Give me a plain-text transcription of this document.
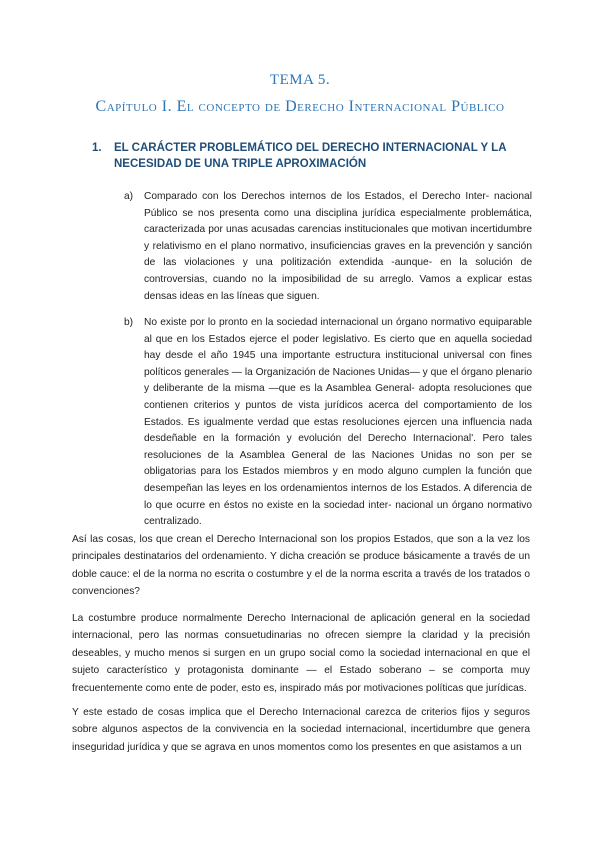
TEMA 5.
Capítulo I. El concepto de Derecho Internacional Público
1. EL CARÁCTER PROBLEMÁTICO DEL DERECHO INTERNACIONAL Y LA NECESIDAD DE UNA TRIPLE APROXIMACIÓN
a) Comparado con los Derechos internos de los Estados, el Derecho Inter- nacional Público se nos presenta como una disciplina jurídica especialmente problemática, caracterizada por unas acusadas carencias institucionales que motivan incertidumbre y relativismo en el plano normativo, insuficiencias graves en la prevención y sanción de las violaciones y una politización extendida -aunque- en la solución de controversias, cuando no la imposibilidad de su arreglo. Vamos a explicar estas densas ideas en las líneas que siguen.
b) No existe por lo pronto en la sociedad internacional un órgano normativo equiparable al que en los Estados ejerce el poder legislativo. Es cierto que en aquella sociedad hay desde el año 1945 una importante estructura institucional universal con fines políticos generales — la Organización de Naciones Unidas— y que el órgano plenario y deliberante de la misma —que es la Asamblea General- adopta resoluciones que contienen criterios y puntos de vista jurídicos acerca del comportamiento de los Estados. Es igualmente verdad que estas resoluciones ejercen una influencia nada desdeñable en la formación y evolución del Derecho Internacional'. Pero tales resoluciones de la Asamblea General de las Naciones Unidas no son per se obligatorias para los Estados miembros y en modo alguno cumplen la función que desempeñan las leyes en los ordenamientos internos de los Estados. A diferencia de lo que ocurre en éstos no existe en la sociedad inter- nacional un órgano normativo centralizado.

Así las cosas, los que crean el Derecho Internacional son los propios Estados, que son a la vez los principales destinatarios del ordenamiento. Y dicha creación se produce básicamente a través de un doble cauce: el de la norma no escrita o costumbre y el de la norma escrita a través de los tratados o convenciones?

La costumbre produce normalmente Derecho Internacional de aplicación general en la sociedad internacional, pero las normas consuetudinarias no ofrecen siempre la claridad y la precisión deseables, y mucho menos si surgen en un grupo social como la sociedad internacional en que el sujeto característico y protagonista dominante — el Estado soberano – se comporta muy frecuentemente como ente de poder, esto es, inspirado más por motivaciones políticas que jurídicas.

Y este estado de cosas implica que el Derecho Internacional carezca de criterios fijos y seguros sobre algunos aspectos de la convivencia en la sociedad internacional, incertidumbre que genera inseguridad jurídica y que se agrava en unos momentos como los presentes en que asistamos a un
